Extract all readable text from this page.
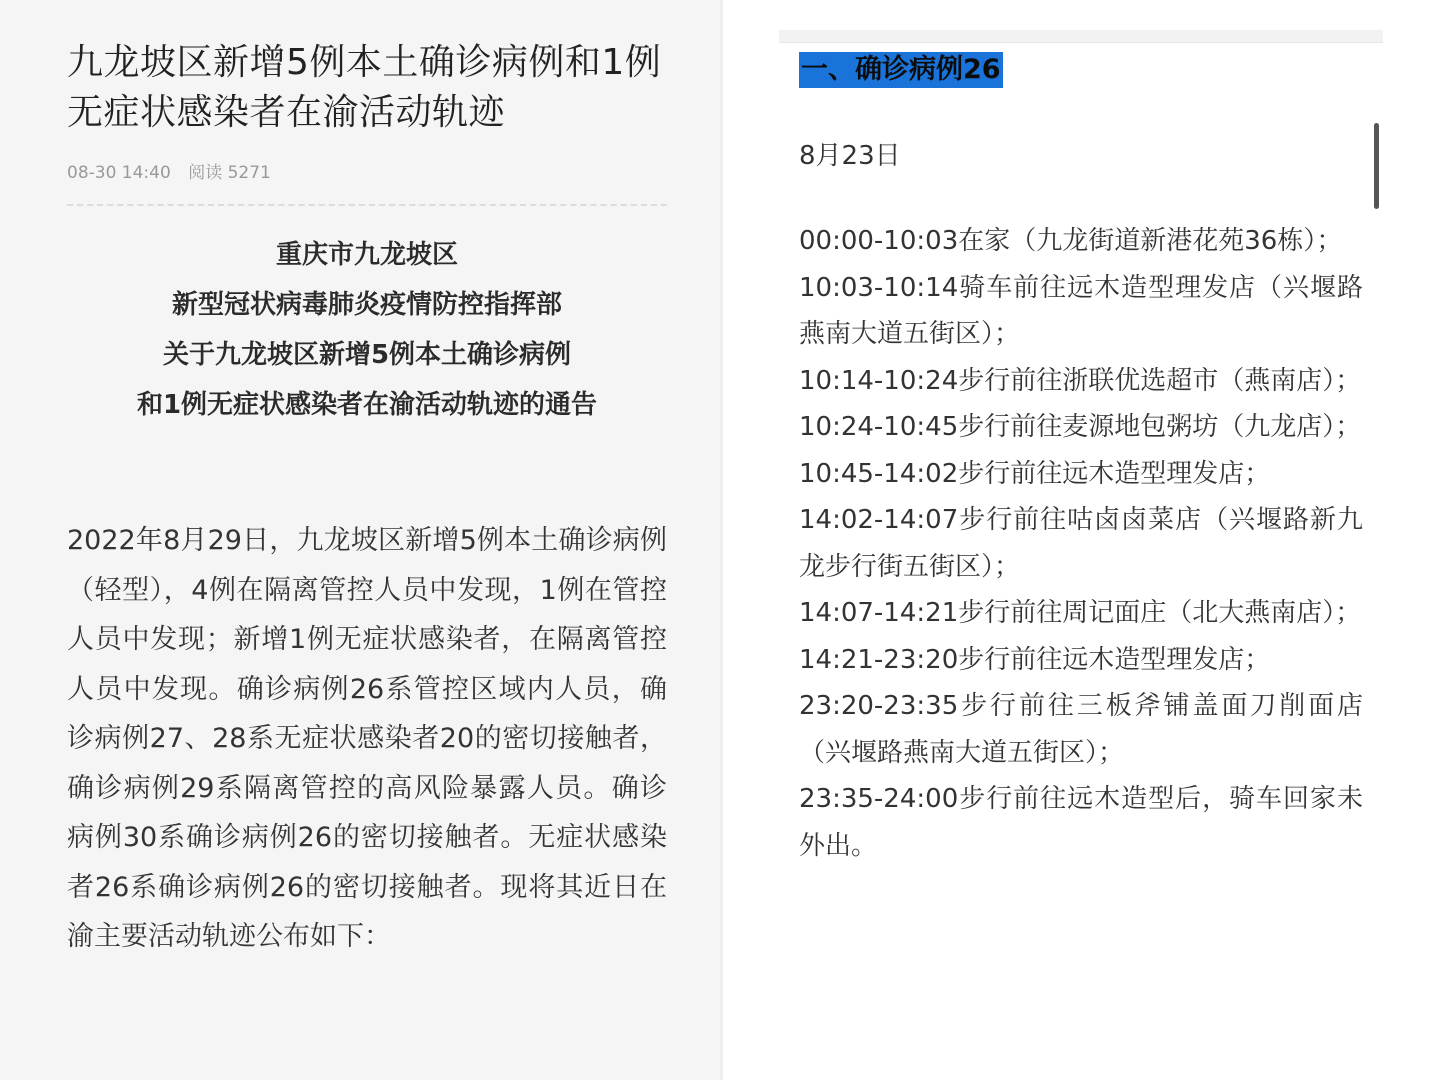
九龙坡区新增5例本土确诊病例和1例无症状感染者在渝活动轨迹
08-30 14:40 阅读 5271
重庆市九龙坡区
新型冠状病毒肺炎疫情防控指挥部
关于九龙坡区新增5例本土确诊病例
和1例无症状感染者在渝活动轨迹的通告

2022年8月29日，九龙坡区新增5例本土确诊病例（轻型），4例在隔离管控人员中发现，1例在管控人员中发现；新增1例无症状感染者，在隔离管控人员中发现。确诊病例26系管控区域内人员，确诊病例27、28系无症状感染者20的密切接触者，确诊病例29系隔离管控的高风险暴露人员。确诊病例30系确诊病例26的密切接触者。无症状感染者26系确诊病例26的密切接触者。现将其近日在渝主要活动轨迹公布如下：

一、确诊病例26
8月23日

00:00-10:03在家（九龙街道新港花苑36栋）；

10:03-10:14骑车前往远木造型理发店（兴堰路燕南大道五街区）；

10:14-10:24步行前往浙联优选超市（燕南店）；

10:24-10:45步行前往麦源地包粥坊（九龙店）；

10:45-14:02步行前往远木造型理发店；

14:02-14:07步行前往咕卤卤菜店（兴堰路新九龙步行街五街区）；

14:07-14:21步行前往周记面庄（北大燕南店）；

14:21-23:20步行前往远木造型理发店；

23:20-23:35步行前往三板斧铺盖面刀削面店（兴堰路燕南大道五街区）；

23:35-24:00步行前往远木造型后，骑车回家未外出。
